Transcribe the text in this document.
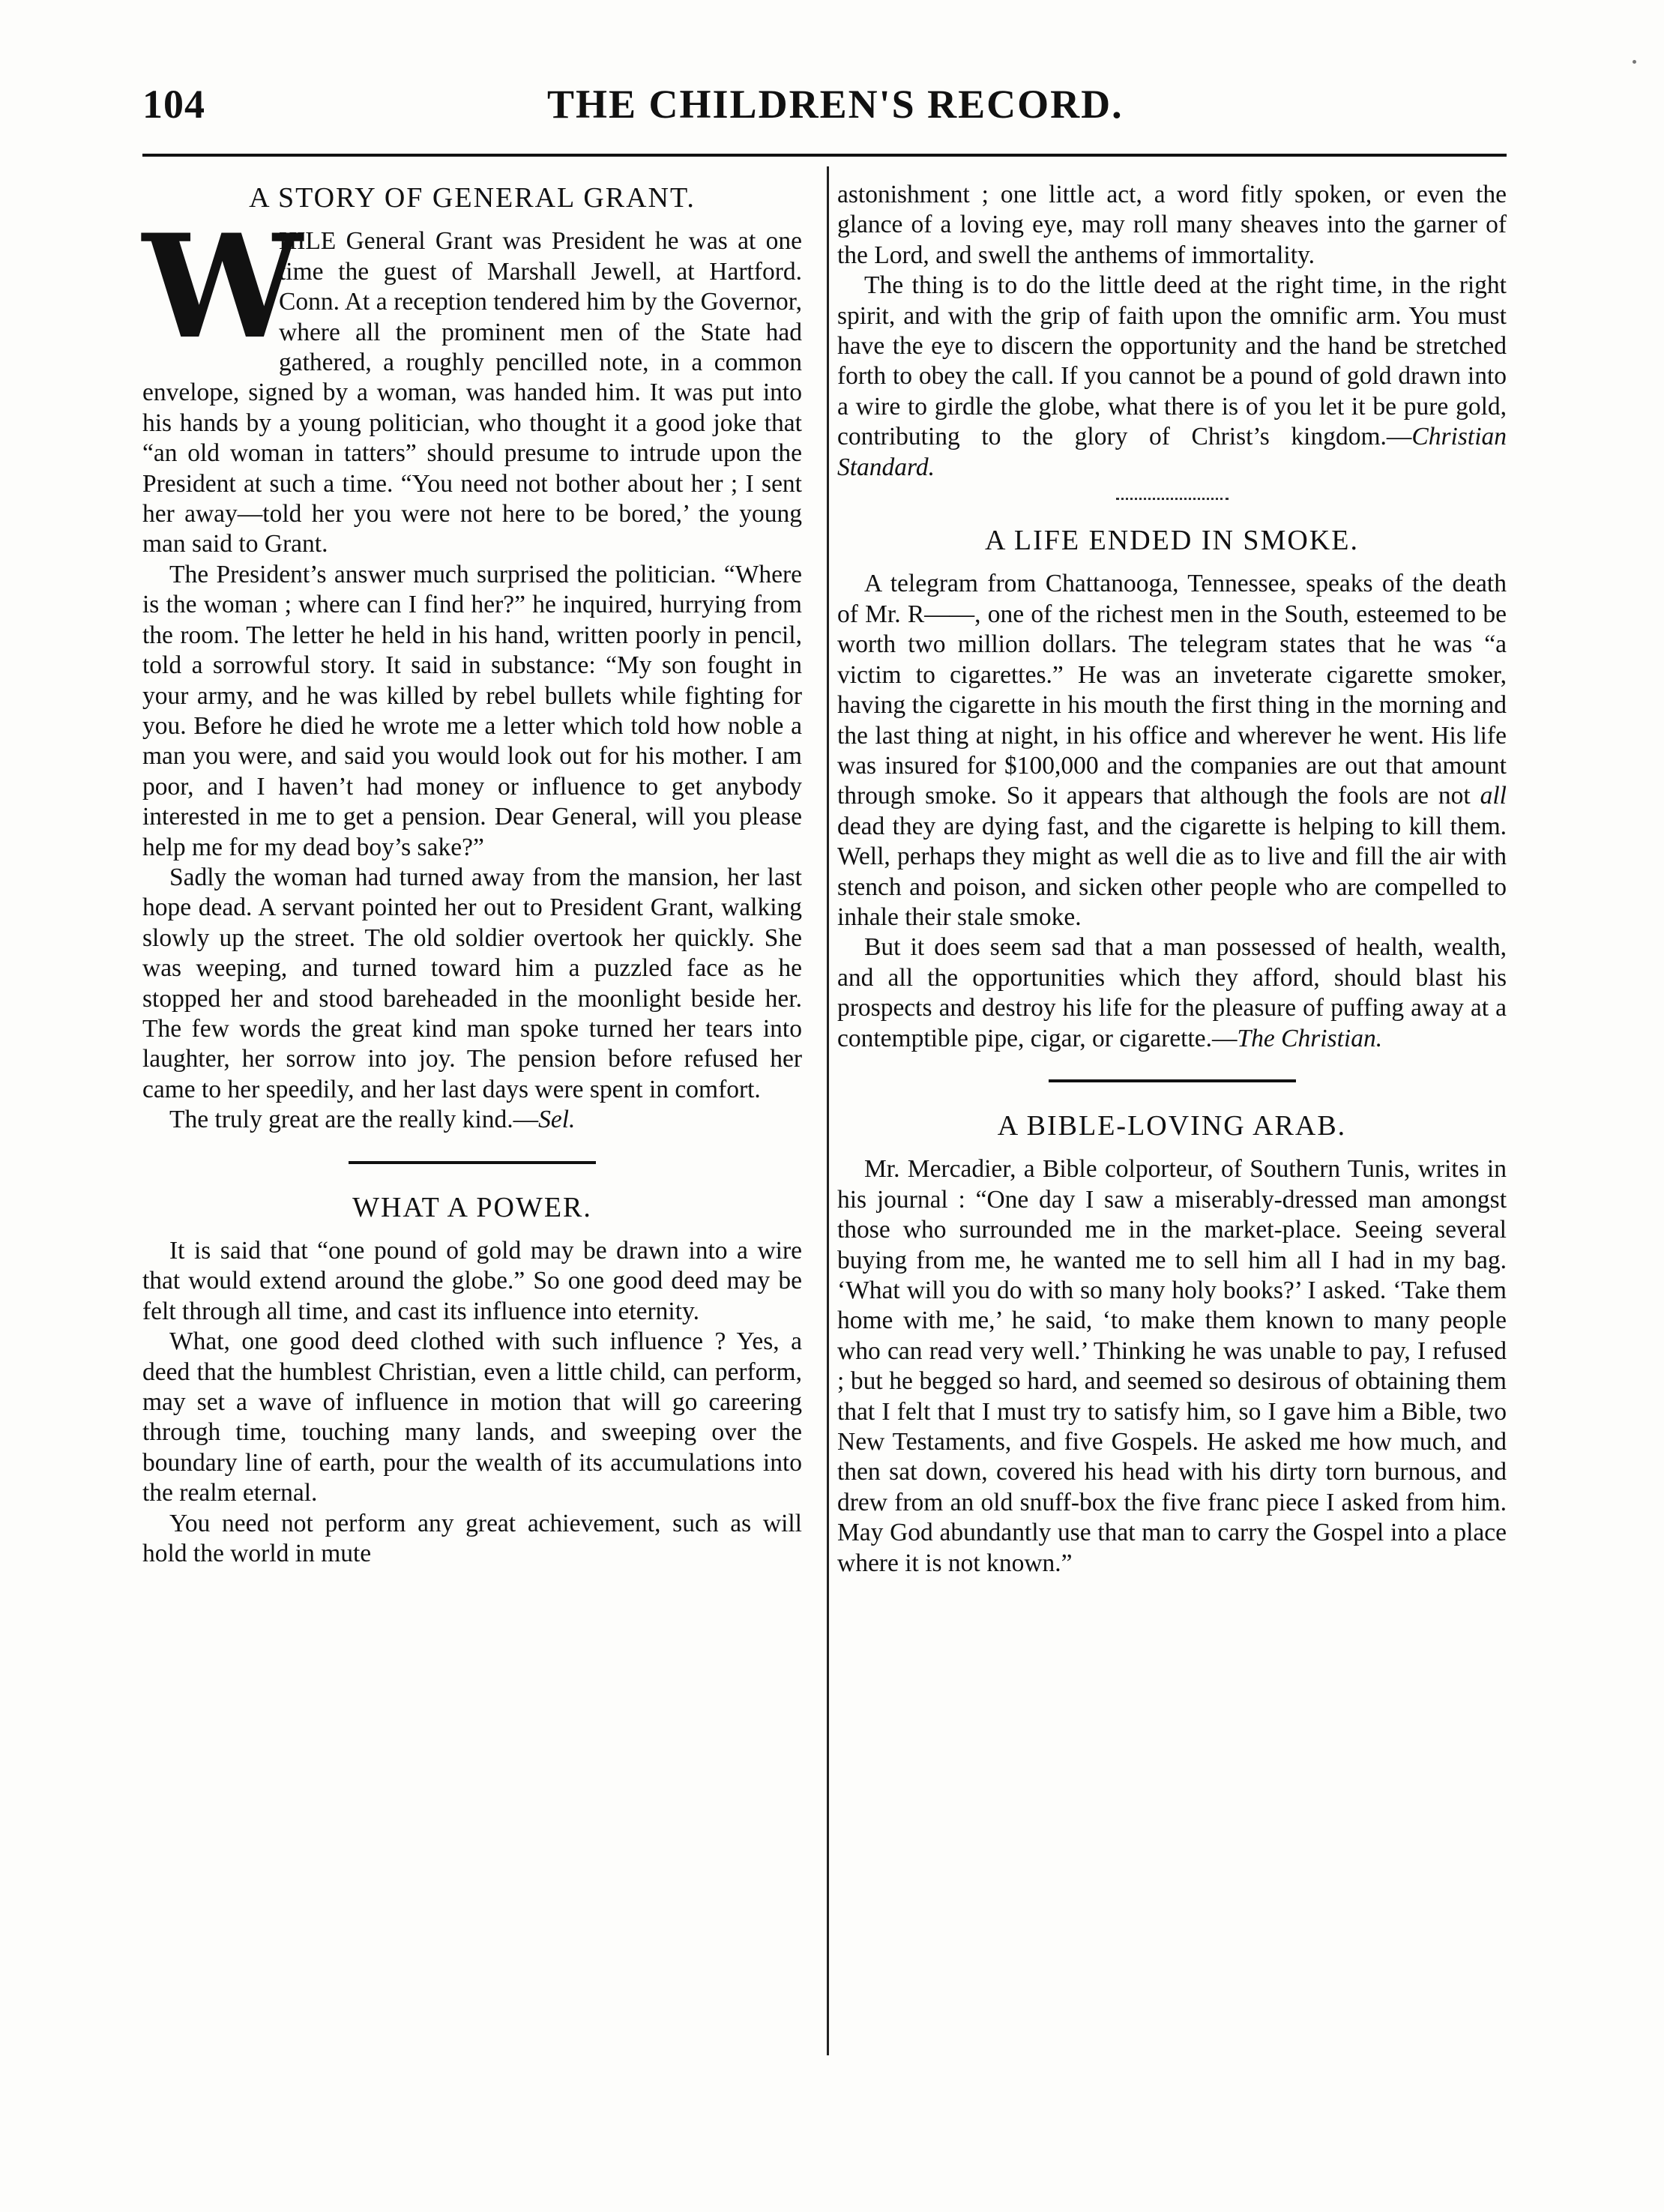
104	THE CHILDREN'S RECORD.
A STORY OF GENERAL GRANT.

W
HILE General Grant was President he was at one time the guest of Marshall Jewell, at Hartford. Conn. At a reception tendered him by the Governor, where all the prominent men of the State had gathered, a roughly pencilled note, in a common envelope, signed by a woman, was handed him. It was put into his hands by a young politician, who thought it a good joke that “an old woman in tatters” should presume to intrude upon the President at such a time. “You need not bother about her ; I sent her away—told her you were not here to be bored,’ the young man said to Grant.

The President’s answer much surprised the politician. “Where is the woman ; where can I find her?” he inquired, hurrying from the room. The letter he held in his hand, written poorly in pencil, told a sorrowful story. It said in substance: “My son fought in your army, and he was killed by rebel bullets while fighting for you. Before he died he wrote me a letter which told how noble a man you were, and said you would look out for his mother. I am poor, and I haven’t had money or influence to get anybody interested in me to get a pension. Dear General, will you please help me for my dead boy’s sake?”

Sadly the woman had turned away from the mansion, her last hope dead. A servant pointed her out to President Grant, walking slowly up the street. The old soldier overtook her quickly. She was weeping, and turned toward him a puzzled face as he stopped her and stood bareheaded in the moonlight beside her. The few words the great kind man spoke turned her tears into laughter, her sorrow into joy. The pension before refused her came to her speedily, and her last days were spent in comfort.

The truly great are the really kind.—Sel.

WHAT A POWER.

It is said that “one pound of gold may be drawn into a wire that would extend around the globe.” So one good deed may be felt through all time, and cast its influence into eternity.

What, one good deed clothed with such influence ? Yes, a deed that the humblest Christian, even a little child, can perform, may set a wave of influence in motion that will go careering through time, touching many lands, and sweeping over the boundary line of earth, pour the wealth of its accumulations into the realm eternal.

You need not perform any great achievement, such as will hold the world in mute

astonishment ; one little act, a word fitly spoken, or even the glance of a loving eye, may roll many sheaves into the garner of the Lord, and swell the anthems of immortality.

The thing is to do the little deed at the right time, in the right spirit, and with the grip of faith upon the omnific arm. You must have the eye to discern the opportunity and the hand be stretched forth to obey the call. If you cannot be a pound of gold drawn into a wire to girdle the globe, what there is of you let it be pure gold, contributing to the glory of Christ’s kingdom.—Christian Standard.

A LIFE ENDED IN SMOKE.

A telegram from Chattanooga, Tennessee, speaks of the death of Mr. R——, one of the richest men in the South, esteemed to be worth two million dollars. The telegram states that he was “a victim to cigarettes.” He was an inveterate cigarette smoker, having the cigarette in his mouth the first thing in the morning and the last thing at night, in his office and wherever he went. His life was insured for $100,000 and the companies are out that amount through smoke. So it appears that although the fools are not all dead they are dying fast, and the cigarette is helping to kill them. Well, perhaps they might as well die as to live and fill the air with stench and poison, and sicken other people who are compelled to inhale their stale smoke.

But it does seem sad that a man possessed of health, wealth, and all the opportunities which they afford, should blast his prospects and destroy his life for the pleasure of puffing away at a contemptible pipe, cigar, or cigarette.—The Christian.

A BIBLE-LOVING ARAB.

Mr. Mercadier, a Bible colporteur, of Southern Tunis, writes in his journal : “One day I saw a miserably-dressed man amongst those who surrounded me in the market-place. Seeing several buying from me, he wanted me to sell him all I had in my bag. ‘What will you do with so many holy books?’ I asked. ‘Take them home with me,’ he said, ‘to make them known to many people who can read very well.’ Thinking he was unable to pay, I refused ; but he begged so hard, and seemed so desirous of obtaining them that I felt that I must try to satisfy him, so I gave him a Bible, two New Testaments, and five Gospels. He asked me how much, and then sat down, covered his head with his dirty torn burnous, and drew from an old snuff-box the five franc piece I asked from him. May God abundantly use that man to carry the Gospel into a place where it is not known.”
